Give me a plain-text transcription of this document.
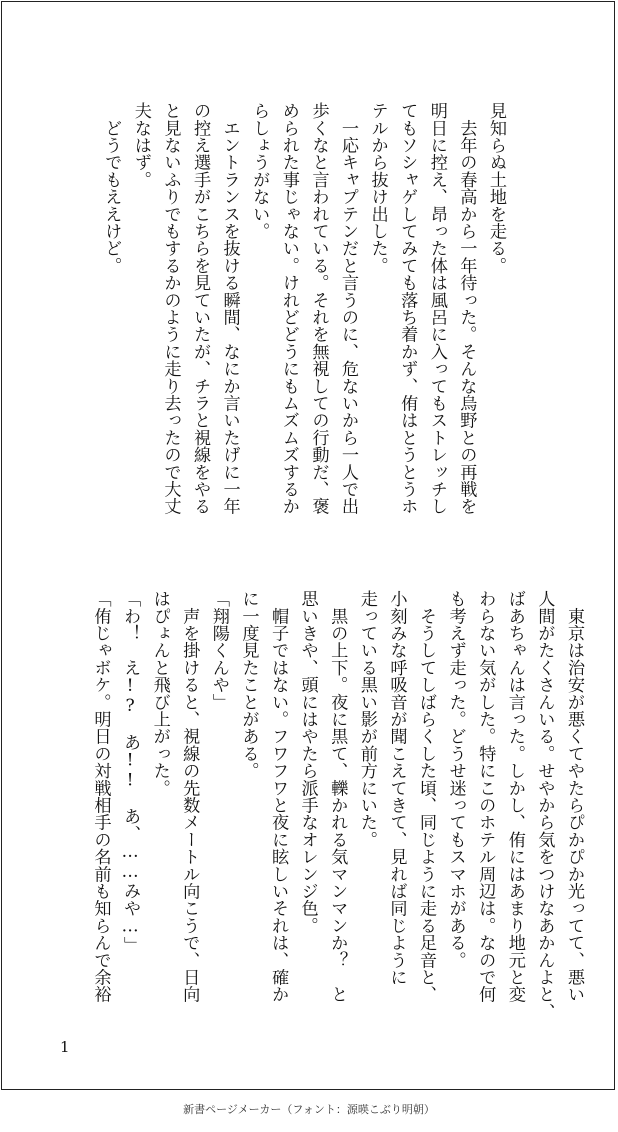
見知らぬ土地を走る。
　去年の春高から一年待った。そんな烏野との再戦を
明日に控え、昂った体は風呂に入ってもストレッチし
てもソシャゲしてみても落ち着かず、侑はとうとうホ
テルから抜け出した。
　一応キャプテンだと言うのに、危ないから一人で出
歩くなと言われている。それを無視しての行動だ、褒
められた事じゃない。けれどどうにもムズムズするか
らしょうがない。
　エントランスを抜ける瞬間、なにか言いたげに一年
の控え選手がこちらを見ていたが、チラと視線をやる
と見ないふりでもするかのように走り去ったので大丈
夫なはず。
　どうでもええけど。

　東京は治安が悪くてやたらぴかぴか光ってて、悪い
人間がたくさんいる。せやから気をつけなあかんよと、
ばあちゃんは言った。しかし、侑にはあまり地元と変
わらない気がした。特にこのホテル周辺は。なので何
も考えず走った。どうせ迷ってもスマホがある。
　そうしてしばらくした頃、同じように走る足音と、
小刻みな呼吸音が聞こえてきて、見れば同じように
走っている黒い影が前方にいた。
　黒の上下。夜に黒て、轢かれる気マンマンか？　と
思いきや、頭にはやたら派手なオレンジ色。
　帽子ではない。フワフワと夜に眩しいそれは、確か
に一度見たことがある。
「翔陽くんや」
　声を掛けると、視線の先数メートル向こうで、日向
はぴょんと飛び上がった。
「わ！　え!?　あ!!　あ、……みや…」
「侑じゃボケ。明日の対戦相手の名前も知らんで余裕

1
新書ページメーカー（フォント：源暎こぶり明朝）
